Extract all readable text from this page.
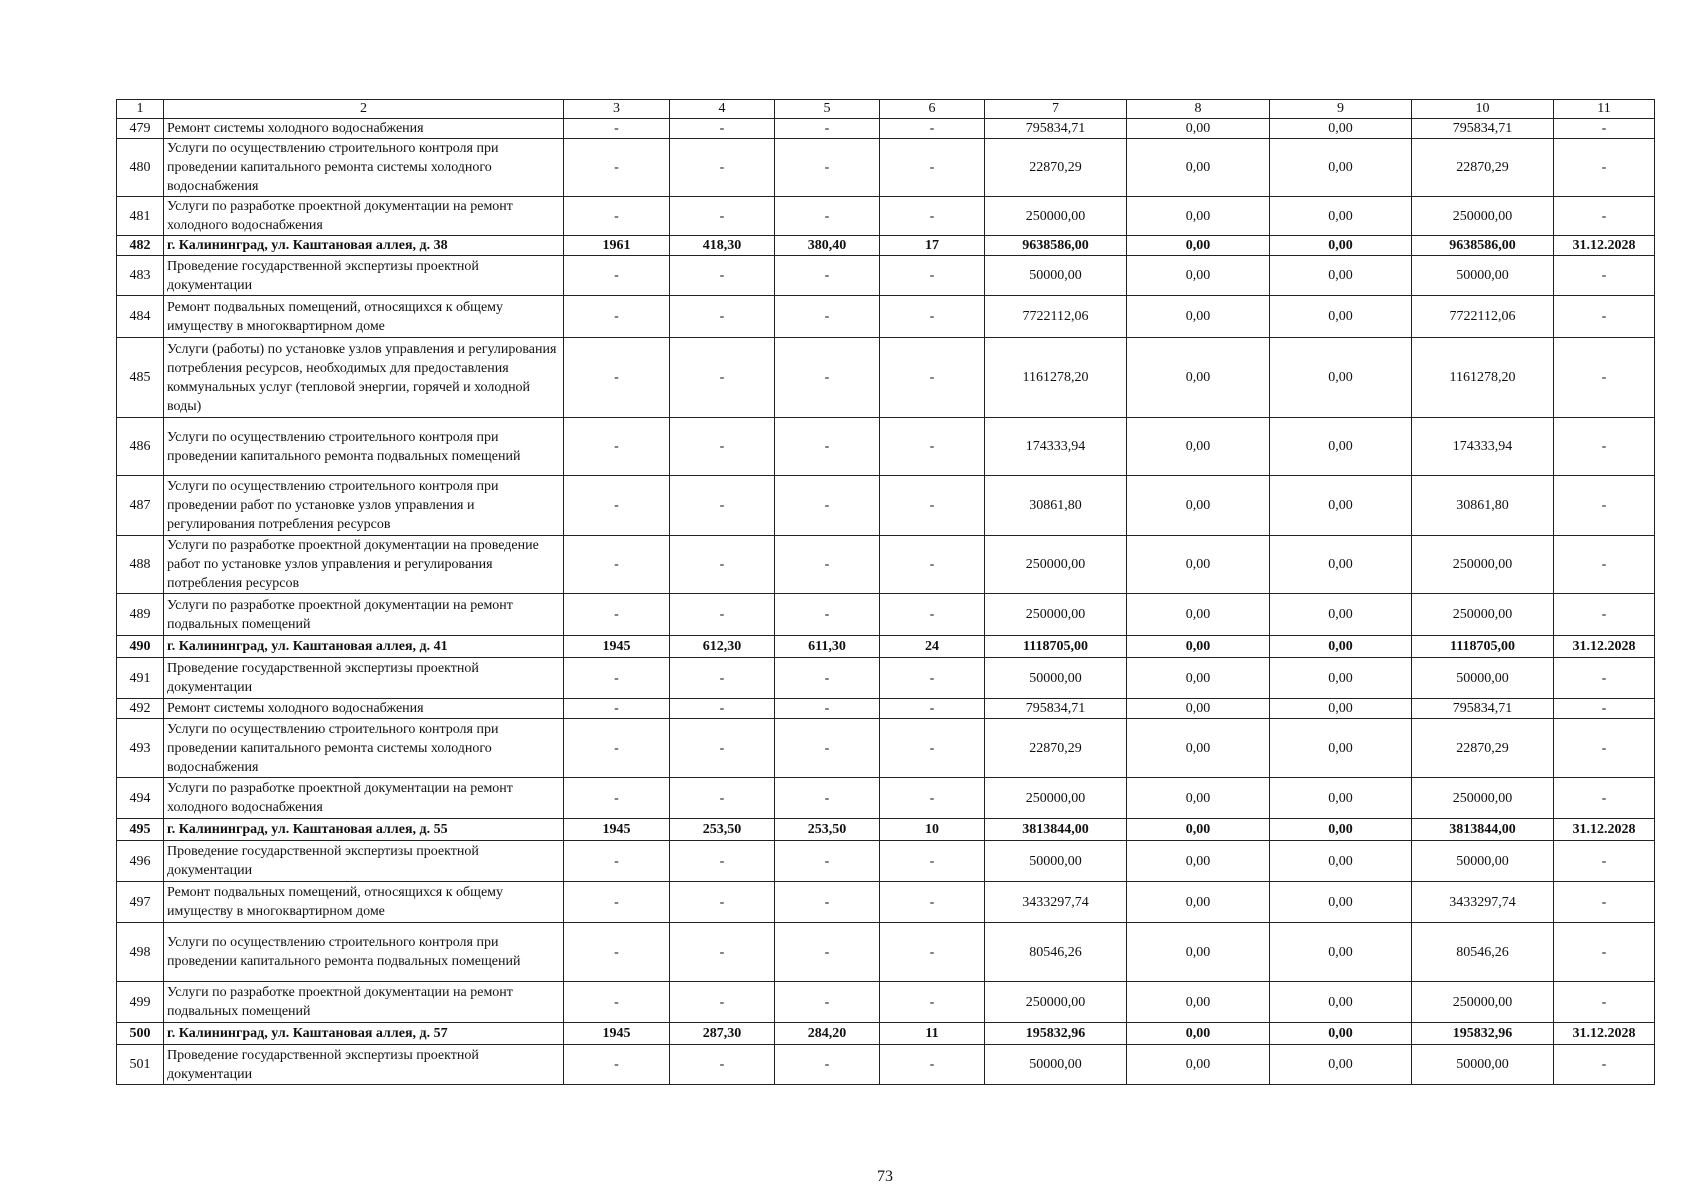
1	2	3	4	5	6	7	8	9	10	11
479	Ремонт системы холодного водоснабжения	-	-	-	-	795834,71	0,00	0,00	795834,71	-
480	Услуги по осуществлению строительного контроля при проведении капитального ремонта системы холодного водоснабжения	-	-	-	-	22870,29	0,00	0,00	22870,29	-
481	Услуги по разработке проектной документации на ремонт холодного водоснабжения	-	-	-	-	250000,00	0,00	0,00	250000,00	-
482	г. Калининград, ул. Каштановая аллея, д. 38	1961	418,30	380,40	17	9638586,00	0,00	0,00	9638586,00	31.12.2028
483	Проведение государственной экспертизы проектной документации	-	-	-	-	50000,00	0,00	0,00	50000,00	-
484	Ремонт подвальных помещений, относящихся к общему имуществу в многоквартирном доме	-	-	-	-	7722112,06	0,00	0,00	7722112,06	-
485	Услуги (работы) по установке узлов управления и регулирования потребления ресурсов, необходимых для предоставления коммунальных услуг (тепловой энергии, горячей и холодной воды)	-	-	-	-	1161278,20	0,00	0,00	1161278,20	-
486	Услуги по осуществлению строительного контроля при проведении капитального ремонта подвальных помещений	-	-	-	-	174333,94	0,00	0,00	174333,94	-
487	Услуги по осуществлению строительного контроля при проведении работ по установке узлов управления и регулирования потребления ресурсов	-	-	-	-	30861,80	0,00	0,00	30861,80	-
488	Услуги по разработке проектной документации на проведение работ по установке узлов управления и регулирования потребления ресурсов	-	-	-	-	250000,00	0,00	0,00	250000,00	-
489	Услуги по разработке проектной документации на ремонт подвальных помещений	-	-	-	-	250000,00	0,00	0,00	250000,00	-
490	г. Калининград, ул. Каштановая аллея, д. 41	1945	612,30	611,30	24	1118705,00	0,00	0,00	1118705,00	31.12.2028
491	Проведение государственной экспертизы проектной документации	-	-	-	-	50000,00	0,00	0,00	50000,00	-
492	Ремонт системы холодного водоснабжения	-	-	-	-	795834,71	0,00	0,00	795834,71	-
493	Услуги по осуществлению строительного контроля при проведении капитального ремонта системы холодного водоснабжения	-	-	-	-	22870,29	0,00	0,00	22870,29	-
494	Услуги по разработке проектной документации на ремонт холодного водоснабжения	-	-	-	-	250000,00	0,00	0,00	250000,00	-
495	г. Калининград, ул. Каштановая аллея, д. 55	1945	253,50	253,50	10	3813844,00	0,00	0,00	3813844,00	31.12.2028
496	Проведение государственной экспертизы проектной документации	-	-	-	-	50000,00	0,00	0,00	50000,00	-
497	Ремонт подвальных помещений, относящихся к общему имуществу в многоквартирном доме	-	-	-	-	3433297,74	0,00	0,00	3433297,74	-
498	Услуги по осуществлению строительного контроля при проведении капитального ремонта подвальных помещений	-	-	-	-	80546,26	0,00	0,00	80546,26	-
499	Услуги по разработке проектной документации на ремонт подвальных помещений	-	-	-	-	250000,00	0,00	0,00	250000,00	-
500	г. Калининград, ул. Каштановая аллея, д. 57	1945	287,30	284,20	11	195832,96	0,00	0,00	195832,96	31.12.2028
501	Проведение государственной экспертизы проектной документации	-	-	-	-	50000,00	0,00	0,00	50000,00	-
73
